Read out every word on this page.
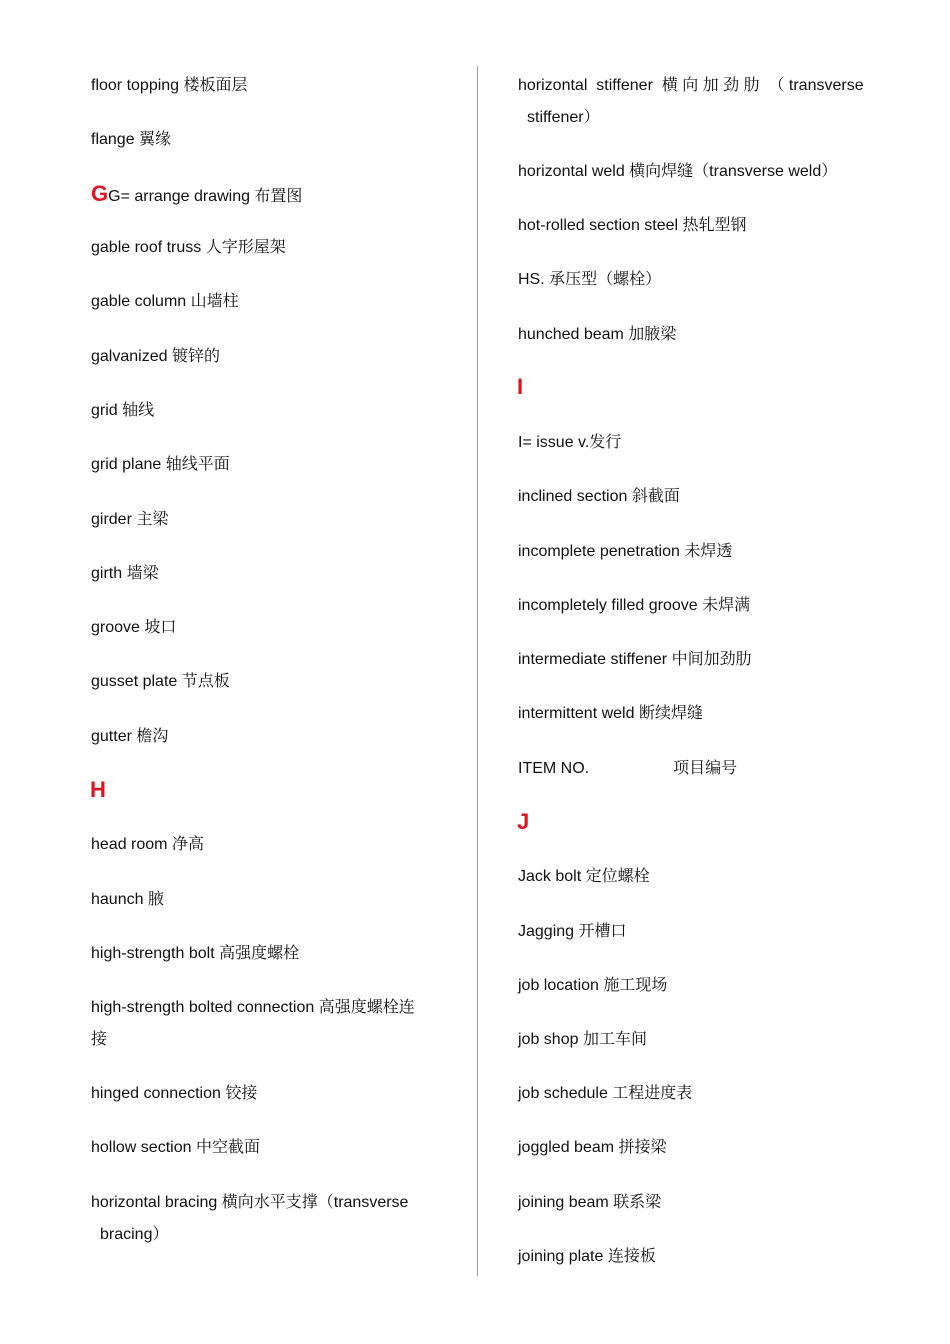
floor topping 楼板面层
flange 翼缘
GG= arrange drawing 布置图
gable roof truss 人字形屋架
gable column 山墙柱
galvanized 镀锌的
grid 轴线
grid plane 轴线平面
girder 主梁
girth 墙梁
groove 坡口
gusset plate 节点板
gutter 檐沟
H
head room 净高
haunch 腋
high-strength bolt 高强度螺栓
high-strength bolted connection 高强度螺栓连
接
hinged connection 铰接
hollow section 中空截面
horizontal bracing 横向水平支撑（transverse
bracing）
horizontal  stiffener  横 向 加 劲 肋  （ transverse
stiffener）
horizontal weld 横向焊缝（transverse weld）
hot-rolled section steel 热轧型钢
HS. 承压型（螺栓）
hunched beam 加腋梁
I
I= issue v.发行
inclined section 斜截面
incomplete penetration 未焊透
incompletely filled groove 未焊满
intermediate stiffener 中间加劲肋
intermittent weld 断续焊缝
ITEM NO.	项目编号
J
Jack bolt 定位螺栓
Jagging 开槽口
job location 施工现场
job shop 加工车间
job schedule 工程进度表
joggled beam 拼接梁
joining beam 联系梁
joining plate 连接板
